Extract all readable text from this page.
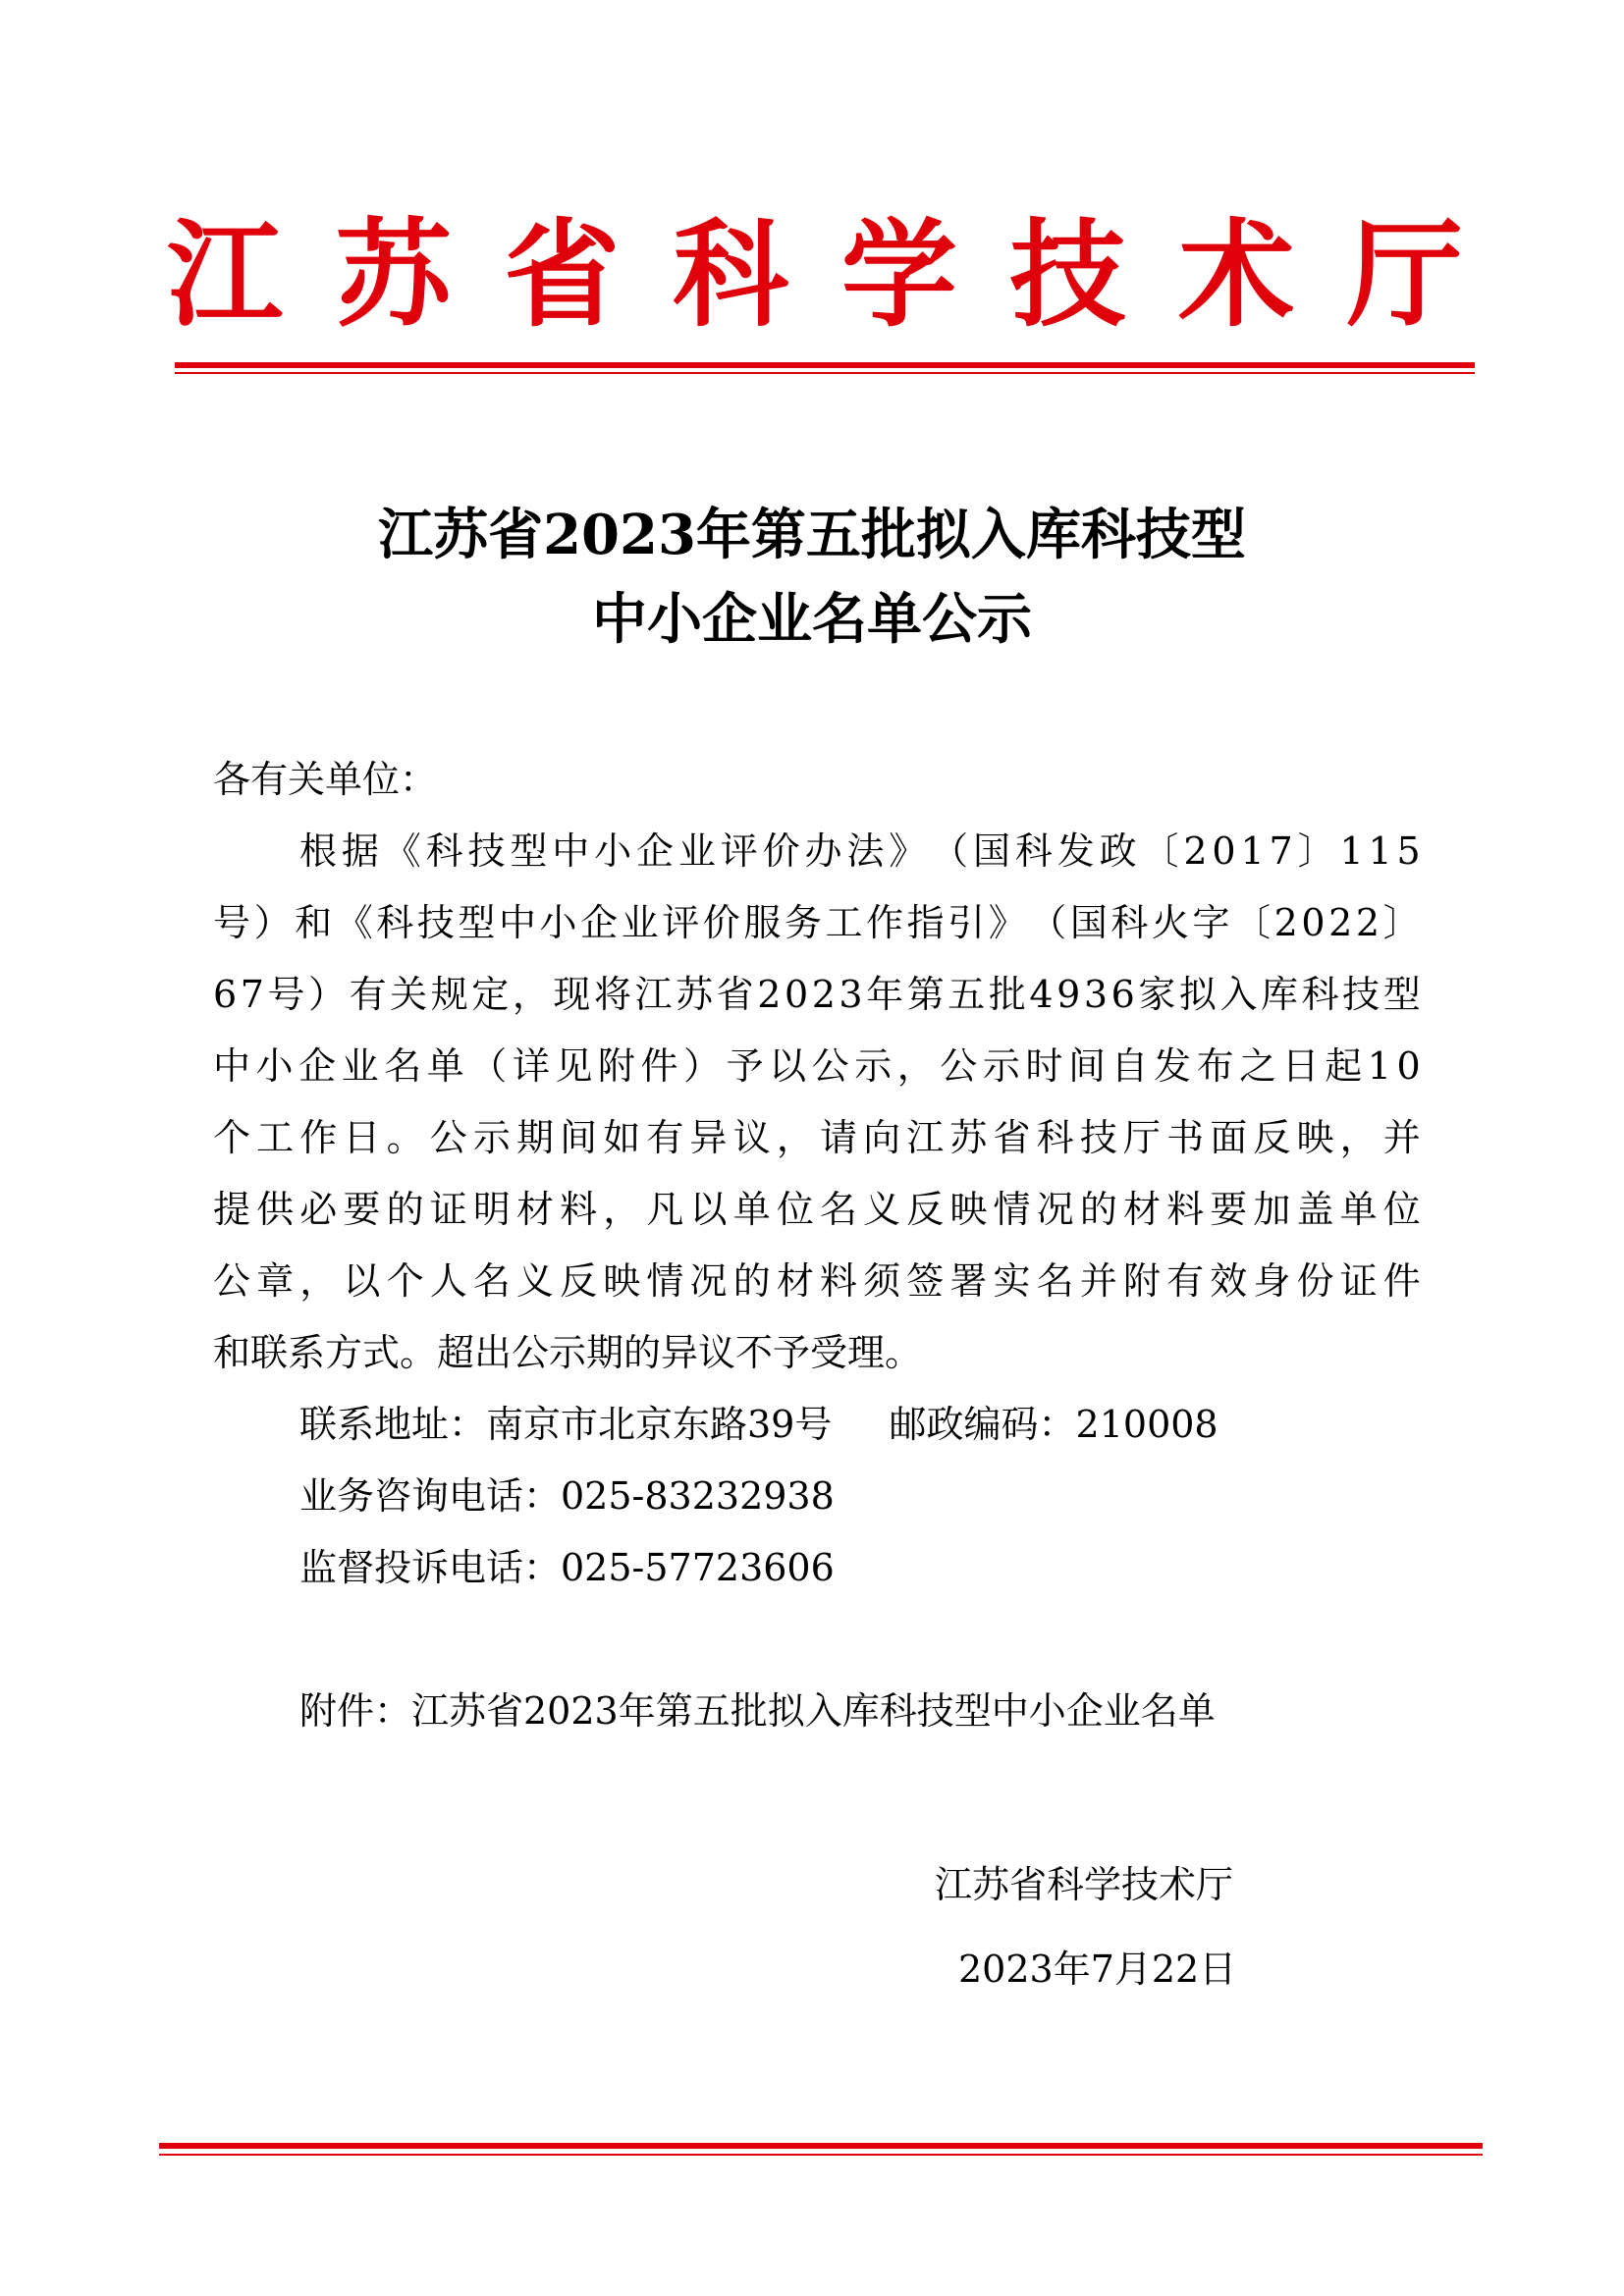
江 苏 省 科 学 技 术 厅
江苏省2023年第五批拟入库科技型
中小企业名单公示
各有关单位：
根 据 《 科 技 型 中 小 企 业 评 价 办 法 》 （ 国 科 发 政 〔 2 0 1 7 〕 1 1 5
号 ） 和 《 科 技 型 中 小 企 业 评 价 服 务 工 作 指 引 》 （ 国 科 火 字 〔 2 0 2 2 〕
6 7 号 ） 有 关 规 定 ， 现 将 江 苏 省 2 0 2 3 年 第 五 批 4 9 3 6 家 拟 入 库 科 技 型
中 小 企 业 名 单 （ 详 见 附 件 ） 予 以 公 示 ， 公 示 时 间 自 发 布 之 日 起 1 0
个 工 作 日 。 公 示 期 间 如 有 异 议 ， 请 向 江 苏 省 科 技 厅 书 面 反 映 ， 并
提 供 必 要 的 证 明 材 料 ， 凡 以 单 位 名 义 反 映 情 况 的 材 料 要 加 盖 单 位
公 章 ， 以 个 人 名 义 反 映 情 况 的 材 料 须 签 署 实 名 并 附 有 效 身 份 证 件
和联系方式。超出公示期的异议不予受理。
联系地址：南京市北京东路39号 邮政编码：210008
业务咨询电话：025-83232938
监督投诉电话：025-57723606
附件：江苏省2023年第五批拟入库科技型中小企业名单
江苏省科学技术厅
2023年7月22日
